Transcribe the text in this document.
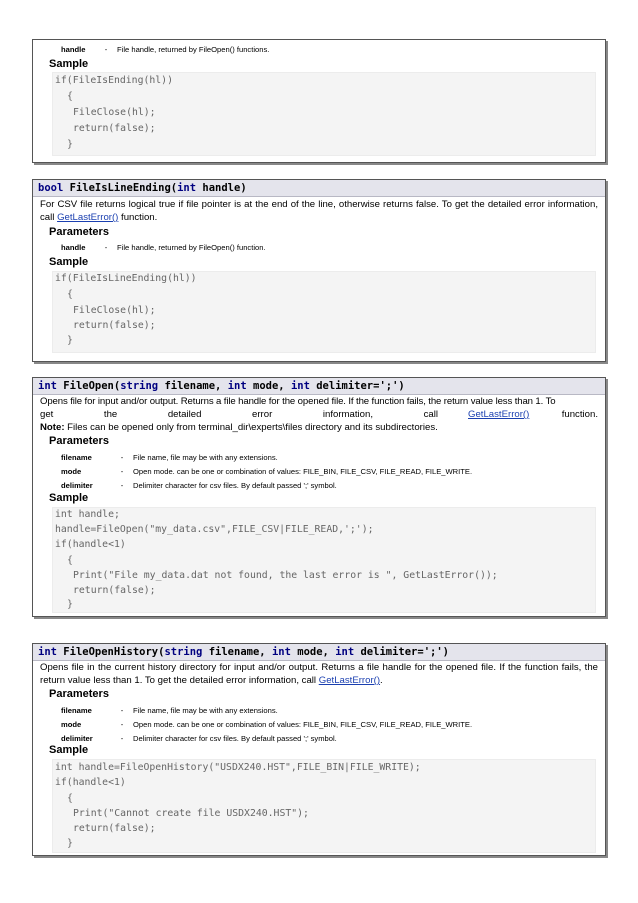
handle	- File handle, returned by FileOpen() functions.
Sample
if(FileIsEnding(hl))
{
FileClose(hl);
return(false);
}
bool FileIsLineEnding(int handle)
For CSV file returns logical true if file pointer is at the end of the line, otherwise returns false. To get the detailed error information, call GetLastError() function.
Parameters
handle	- File handle, returned by FileOpen() function.
Sample
if(FileIsLineEnding(hl))
{
FileClose(hl);
return(false);
}
int FileOpen(string filename, int mode, int delimiter=';')
Opens file for input and/or output. Returns a file handle for the opened file. If the function fails, the return value less than 1. To
get	the	detailed	error	information,	call	GetLastError()	function.
Note: Files can be opened only from terminal_dir\experts\files directory and its subdirectories.
Parameters
filename	- File name, file may be with any extensions.
mode	- Open mode. can be one or combination of values: FILE_BIN, FILE_CSV, FILE_READ, FILE_WRITE.
delimiter	- Delimiter character for csv files. By default passed ';' symbol.
Sample
int handle;
handle=FileOpen("my_data.csv",FILE_CSV|FILE_READ,';');
if(handle<1)
{
Print("File my_data.dat not found, the last error is ", GetLastError());
return(false);
}
int FileOpenHistory(string filename, int mode, int delimiter=';')
Opens file in the current history directory for input and/or output. Returns a file handle for the opened file. If the function fails, the return value less than 1. To get the detailed error information, call GetLastError().
Parameters
filename	- File name, file may be with any extensions.
mode	- Open mode. can be one or combination of values: FILE_BIN, FILE_CSV, FILE_READ, FILE_WRITE.
delimiter	- Delimiter character for csv files. By default passed ';' symbol.
Sample
int handle=FileOpenHistory("USDX240.HST",FILE_BIN|FILE_WRITE);
if(handle<1)
{
Print("Cannot create file USDX240.HST");
return(false);
}
